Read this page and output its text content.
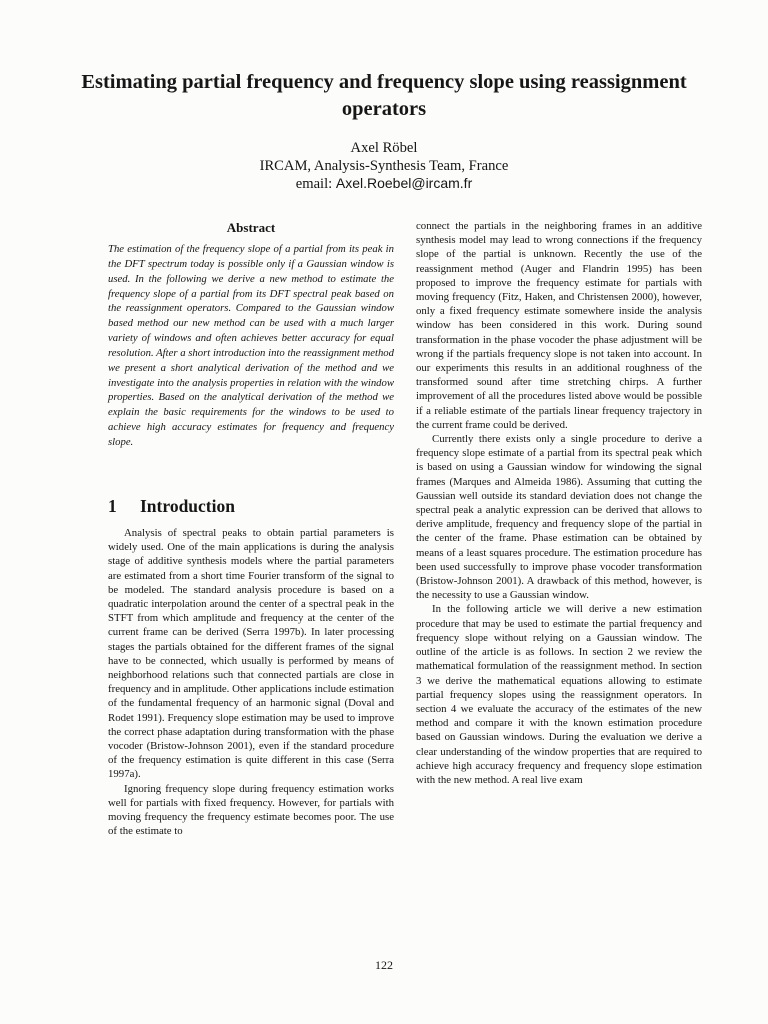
Estimating partial frequency and frequency slope using reassignment operators
Axel Röbel
IRCAM, Analysis-Synthesis Team, France
email: Axel.Roebel@ircam.fr
Abstract

The estimation of the frequency slope of a partial from its peak in the DFT spectrum today is possible only if a Gaussian window is used. In the following we derive a new method to estimate the frequency slope of a partial from its DFT spectral peak based on the reassignment operators. Compared to the Gaussian window based method our new method can be used with a much larger variety of windows and often achieves better accuracy for equal resolution. After a short introduction into the reassignment method we present a short analytical derivation of the method and we investigate into the analysis properties in relation with the window properties. Based on the analytical derivation of the method we explain the basic requirements for the windows to be used to achieve high accuracy estimates for frequency and frequency slope.

1 Introduction

Analysis of spectral peaks to obtain partial parameters is widely used. One of the main applications is during the analysis stage of additive synthesis models where the partial parameters are estimated from a short time Fourier transform of the signal to be modeled. The standard analysis procedure is based on a quadratic interpolation around the center of a spectral peak in the STFT from which amplitude and frequency at the center of the current frame can be derived (Serra 1997b). In later processing stages the partials obtained for the different frames of the signal have to be connected, which usually is performed by means of neighborhood relations such that connected partials are close in frequency and in amplitude. Other applications include estimation of the fundamental frequency of an harmonic signal (Doval and Rodet 1991). Frequency slope estimation may be used to improve the correct phase adaptation during transformation with the phase vocoder (Bristow-Johnson 2001), even if the standard procedure of the frequency estimation is quite different in this case (Serra 1997a).

Ignoring frequency slope during frequency estimation works well for partials with fixed frequency. However, for partials with moving frequency the frequency estimate becomes poor. The use of the estimate to

connect the partials in the neighboring frames in an additive synthesis model may lead to wrong connections if the frequency slope of the partial is unknown. Recently the use of the reassignment method (Auger and Flandrin 1995) has been proposed to improve the frequency estimate for partials with moving frequency (Fitz, Haken, and Christensen 2000), however, only a fixed frequency estimate somewhere inside the analysis window has been considered in this work. During sound transformation in the phase vocoder the phase adjustment will be wrong if the partials frequency slope is not taken into account. In our experiments this results in an additional roughness of the transformed sound after time stretching chirps. A further improvement of all the procedures listed above would be possible if a reliable estimate of the partials linear frequency trajectory in the current frame could be derived.

Currently there exists only a single procedure to derive a frequency slope estimate of a partial from its spectral peak which is based on using a Gaussian window for windowing the signal frames (Marques and Almeida 1986). Assuming that cutting the Gaussian well outside its standard deviation does not change the spectral peak a analytic expression can be derived that allows to derive amplitude, frequency and frequency slope of the partial in the center of the frame. Phase estimation can be obtained by means of a least squares procedure. The estimation procedure has been used successfully to improve phase vocoder transformation (Bristow-Johnson 2001). A drawback of this method, however, is the necessity to use a Gaussian window.

In the following article we will derive a new estimation procedure that may be used to estimate the partial frequency and frequency slope without relying on a Gaussian window. The outline of the article is as follows. In section 2 we review the mathematical formulation of the reassignment method. In section 3 we derive the mathematical equations allowing to estimate partial frequency slopes using the reassignment operators. In section 4 we evaluate the accuracy of the estimates of the new method and compare it with the known estimation procedure based on Gaussian windows. During the evaluation we derive a clear understanding of the window properties that are required to achieve high accuracy frequency and frequency slope estimation with the new method. A real live exam

122
